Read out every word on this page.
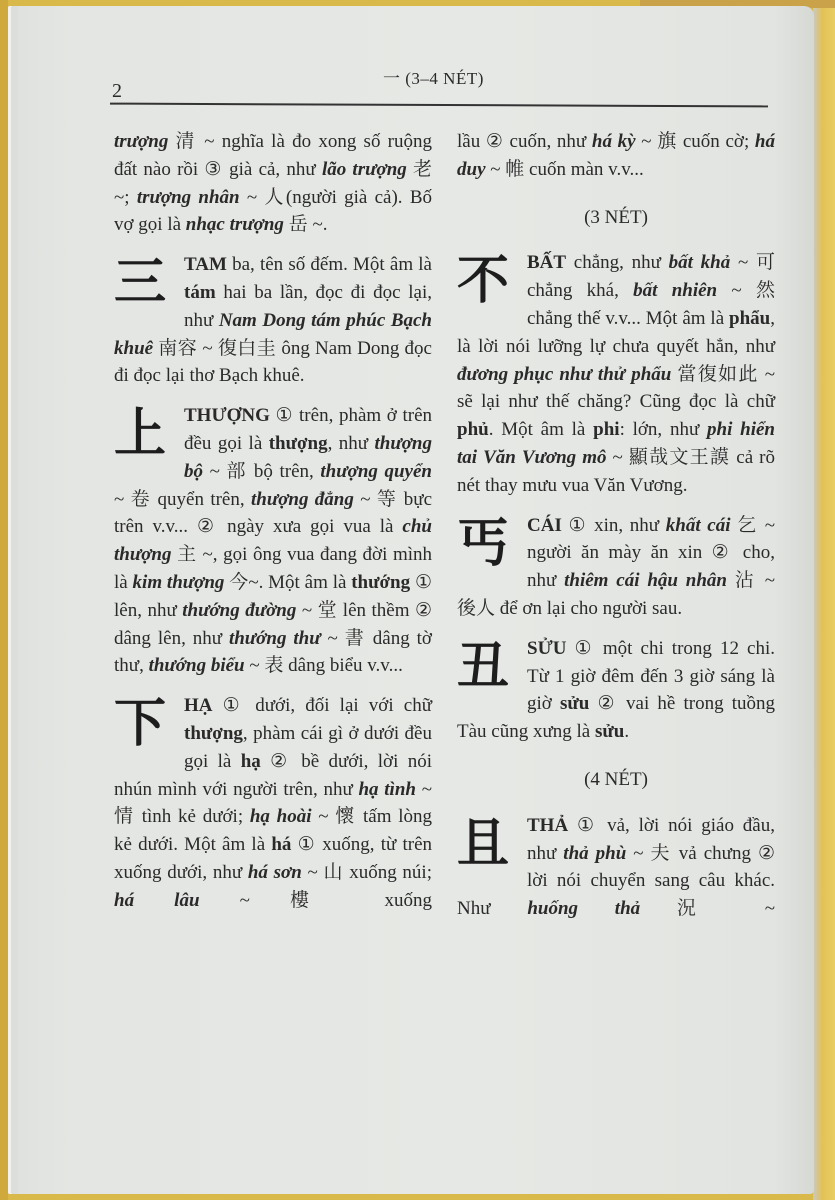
2
一 (3–4 NÉT)
trượng 清 ~ nghĩa là đo xong số ruộng đất nào rồi ③ già cả, như lão trượng 老 ~; trượng nhân ~ 人(người già cả). Bố vợ gọi là nhạc trượng 岳 ~.
三TAM ba, tên số đếm. Một âm là tám hai ba lần, đọc đi đọc lại, như Nam Dong tám phúc Bạch khuê 南容 ~ 復白圭 ông Nam Dong đọc đi đọc lại thơ Bạch khuê.
上THƯỢNG ① trên, phàm ở trên đều gọi là thượng, như thượng bộ ~ 部 bộ trên, thượng quyển ~ 卷 quyển trên, thượng đẳng ~ 等 bực trên v.v... ② ngày xưa gọi vua là chủ thượng 主 ~, gọi ông vua đang đời mình là kim thượng 今~. Một âm là thướng ① lên, như thướng đường ~ 堂 lên thềm ② dâng lên, như thướng thư ~ 書 dâng tờ thư, thướng biểu ~ 表 dâng biểu v.v...
下HẠ ① dưới, đối lại với chữ thượng, phàm cái gì ở dưới đều gọi là hạ ② bề dưới, lời nói nhún mình với người trên, như hạ tình ~ 情 tình kẻ dưới; hạ hoài ~ 懷 tấm lòng kẻ dưới. Một âm là há ① xuống, từ trên xuống dưới, như há sơn ~ 山 xuống núi; há lâu ~ 樓 xuống
lầu ② cuốn, như há kỳ ~ 旗 cuốn cờ; há duy ~ 帷 cuốn màn v.v...
(3 NÉT)
不BẤT chẳng, như bất khả ~ 可 chẳng khá, bất nhiên ~ 然 chẳng thế v.v... Một âm là phẩu, là lời nói lưỡng lự chưa quyết hẳn, như đương phục như thử phẩu 當復如此 ~ sẽ lại như thế chăng? Cũng đọc là chữ phủ. Một âm là phi: lớn, như phi hiển tai Văn Vương mô ~ 顯哉文王謨 cả rõ nét thay mưu vua Văn Vương.
丐CÁI ① xin, như khất cái 乞 ~ người ăn mày ăn xin ② cho, như thiêm cái hậu nhân 沾 ~ 後人 để ơn lại cho người sau.
丑SỬU ① một chi trong 12 chi. Từ 1 giờ đêm đến 3 giờ sáng là giờ sửu ② vai hề trong tuồng Tàu cũng xưng là sửu.
(4 NÉT)
且THẢ ① vả, lời nói giáo đầu, như thả phù ~ 夫 vả chưng ② lời nói chuyển sang câu khác. Như huống thả 況 ~
